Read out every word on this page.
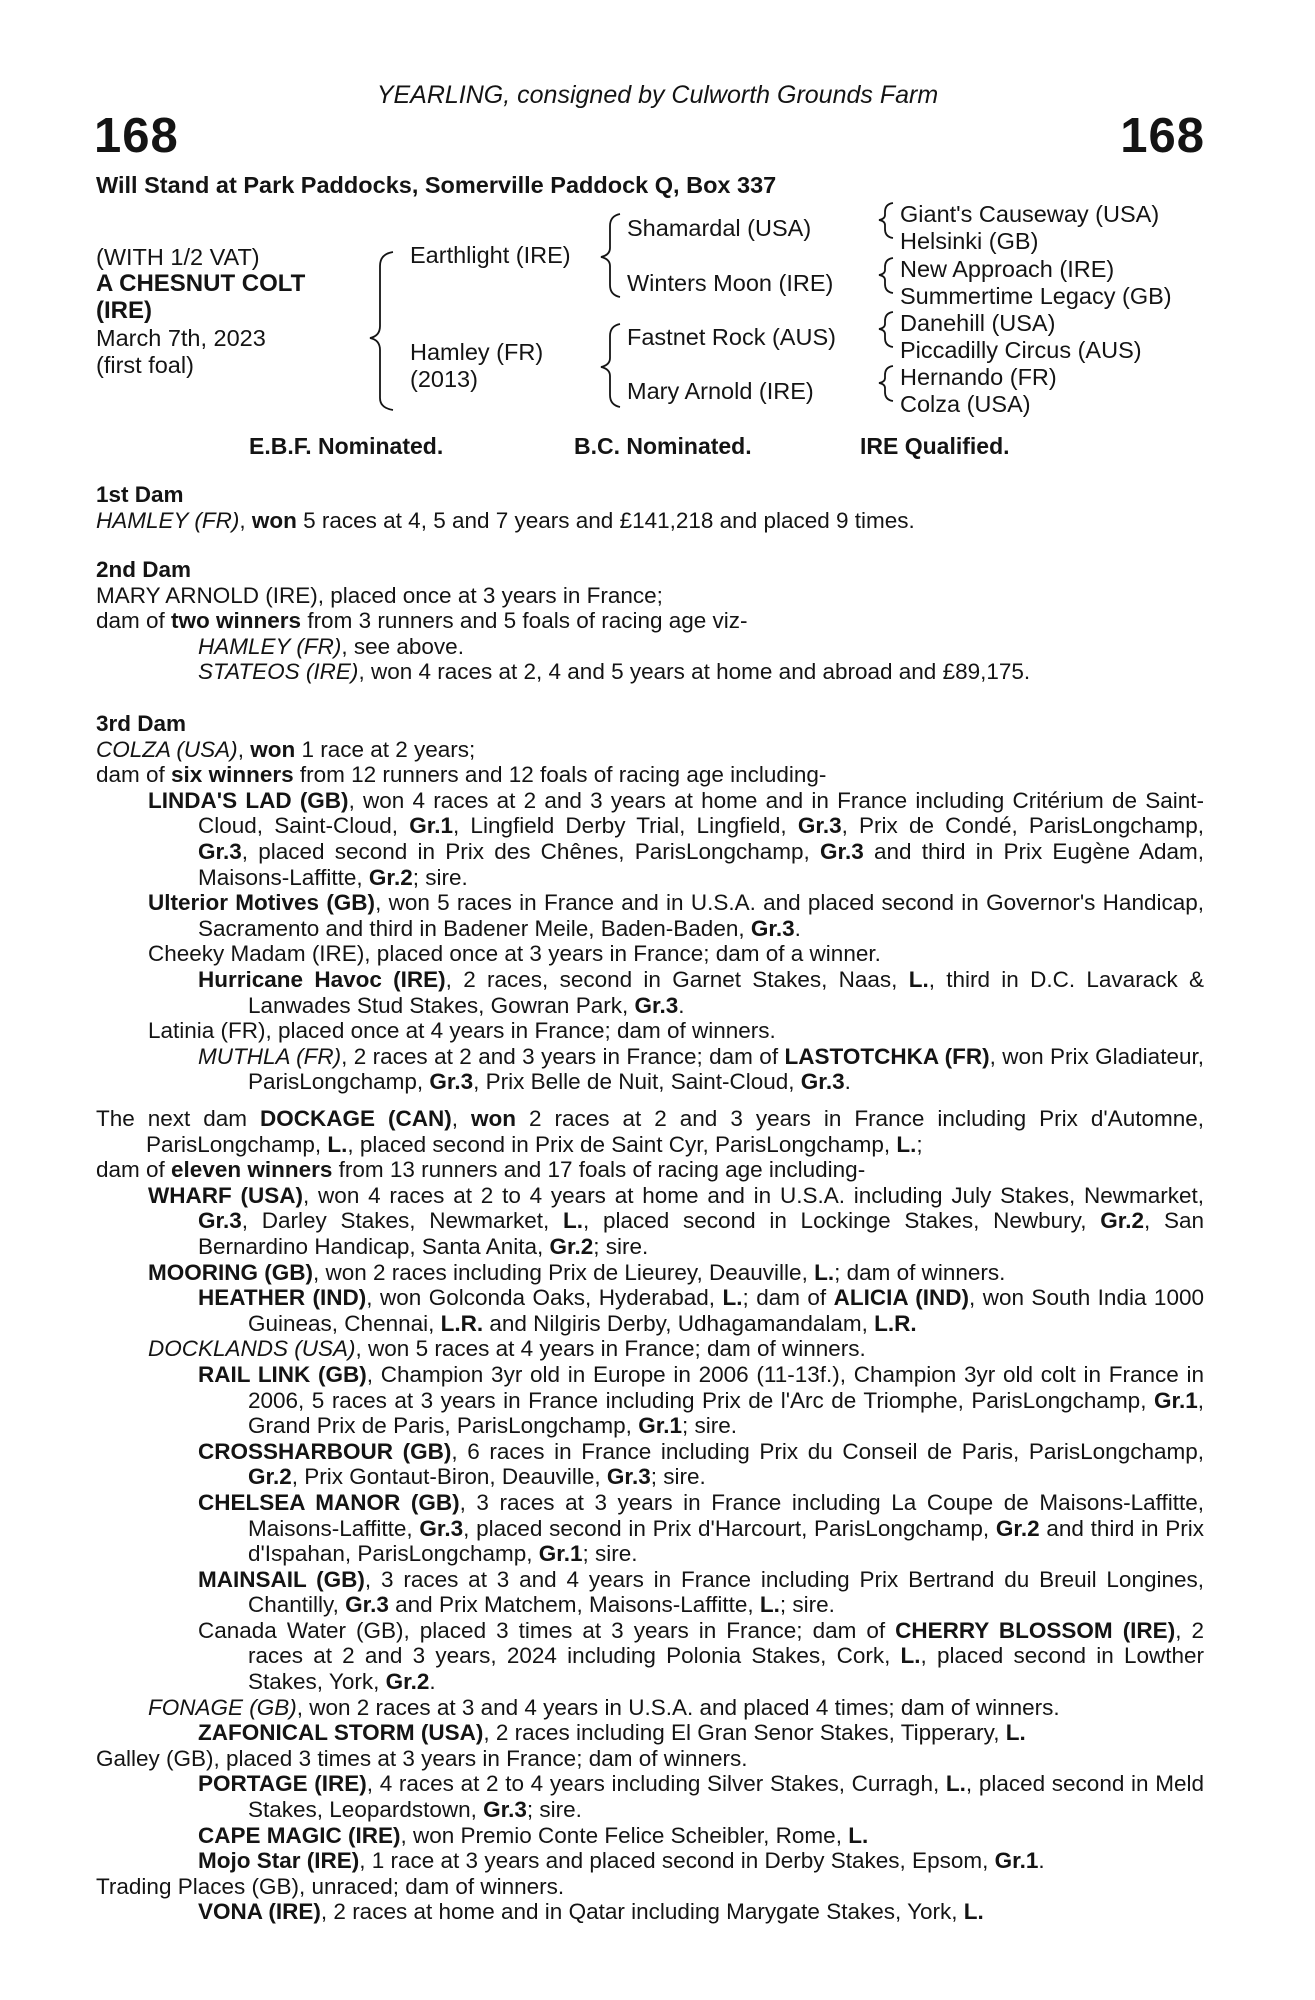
YEARLING, consigned by Culworth Grounds Farm
168	168
Will Stand at Park Paddocks, Somerville Paddock Q, Box 337
(WITH 1/2 VAT)
A CHESNUT COLT
(IRE)
March 7th, 2023
(first foal)
Earthlight (IRE)
Hamley (FR)
(2013)
Shamardal (USA)
Winters Moon (IRE)
Fastnet Rock (AUS)
Mary Arnold (IRE)
Giant's Causeway (USA)
Helsinki (GB)
New Approach (IRE)
Summertime Legacy (GB)
Danehill (USA)
Piccadilly Circus (AUS)
Hernando (FR)
Colza (USA)
E.B.F. Nominated.	B.C. Nominated.	IRE Qualified.

1st Dam

HAMLEY (FR), won 5 races at 4, 5 and 7 years and £141,218 and placed 9 times.

2nd Dam

MARY ARNOLD (IRE), placed once at 3 years in France;

dam of two winners from 3 runners and 5 foals of racing age viz-

HAMLEY (FR), see above.

STATEOS (IRE), won 4 races at 2, 4 and 5 years at home and abroad and £89,175.

3rd Dam

COLZA (USA), won 1 race at 2 years;

dam of six winners from 12 runners and 12 foals of racing age including-

LINDA'S LAD (GB), won 4 races at 2 and 3 years at home and in France including Critérium de Saint-Cloud, Saint-Cloud, Gr.1, Lingfield Derby Trial, Lingfield, Gr.3, Prix de Condé, ParisLongchamp, Gr.3, placed second in Prix des Chênes, ParisLongchamp, Gr.3 and third in Prix Eugène Adam, Maisons-Laffitte, Gr.2; sire.

Ulterior Motives (GB), won 5 races in France and in U.S.A. and placed second in Governor's Handicap, Sacramento and third in Badener Meile, Baden-Baden, Gr.3.

Cheeky Madam (IRE), placed once at 3 years in France; dam of a winner.

Hurricane Havoc (IRE), 2 races, second in Garnet Stakes, Naas, L., third in D.C. Lavarack & Lanwades Stud Stakes, Gowran Park, Gr.3.

Latinia (FR), placed once at 4 years in France; dam of winners.

MUTHLA (FR), 2 races at 2 and 3 years in France; dam of LASTOTCHKA (FR), won Prix Gladiateur, ParisLongchamp, Gr.3, Prix Belle de Nuit, Saint-Cloud, Gr.3.

The next dam DOCKAGE (CAN), won 2 races at 2 and 3 years in France including Prix d'Automne, ParisLongchamp, L., placed second in Prix de Saint Cyr, ParisLongchamp, L.;

dam of eleven winners from 13 runners and 17 foals of racing age including-

WHARF (USA), won 4 races at 2 to 4 years at home and in U.S.A. including July Stakes, Newmarket, Gr.3, Darley Stakes, Newmarket, L., placed second in Lockinge Stakes, Newbury, Gr.2, San Bernardino Handicap, Santa Anita, Gr.2; sire.

MOORING (GB), won 2 races including Prix de Lieurey, Deauville, L.; dam of winners.

HEATHER (IND), won Golconda Oaks, Hyderabad, L.; dam of ALICIA (IND), won South India 1000 Guineas, Chennai, L.R. and Nilgiris Derby, Udhagamandalam, L.R.

DOCKLANDS (USA), won 5 races at 4 years in France; dam of winners.

RAIL LINK (GB), Champion 3yr old in Europe in 2006 (11-13f.), Champion 3yr old colt in France in 2006, 5 races at 3 years in France including Prix de l'Arc de Triomphe, ParisLongchamp, Gr.1, Grand Prix de Paris, ParisLongchamp, Gr.1; sire.

CROSSHARBOUR (GB), 6 races in France including Prix du Conseil de Paris, ParisLongchamp, Gr.2, Prix Gontaut-Biron, Deauville, Gr.3; sire.

CHELSEA MANOR (GB), 3 races at 3 years in France including La Coupe de Maisons-Laffitte, Maisons-Laffitte, Gr.3, placed second in Prix d'Harcourt, ParisLongchamp, Gr.2 and third in Prix d'Ispahan, ParisLongchamp, Gr.1; sire.

MAINSAIL (GB), 3 races at 3 and 4 years in France including Prix Bertrand du Breuil Longines, Chantilly, Gr.3 and Prix Matchem, Maisons-Laffitte, L.; sire.

Canada Water (GB), placed 3 times at 3 years in France; dam of CHERRY BLOSSOM (IRE), 2 races at 2 and 3 years, 2024 including Polonia Stakes, Cork, L., placed second in Lowther Stakes, York, Gr.2.

FONAGE (GB), won 2 races at 3 and 4 years in U.S.A. and placed 4 times; dam of winners.

ZAFONICAL STORM (USA), 2 races including El Gran Senor Stakes, Tipperary, L.

Galley (GB), placed 3 times at 3 years in France; dam of winners.

PORTAGE (IRE), 4 races at 2 to 4 years including Silver Stakes, Curragh, L., placed second in Meld Stakes, Leopardstown, Gr.3; sire.

CAPE MAGIC (IRE), won Premio Conte Felice Scheibler, Rome, L.

Mojo Star (IRE), 1 race at 3 years and placed second in Derby Stakes, Epsom, Gr.1.

Trading Places (GB), unraced; dam of winners.

VONA (IRE), 2 races at home and in Qatar including Marygate Stakes, York, L.
